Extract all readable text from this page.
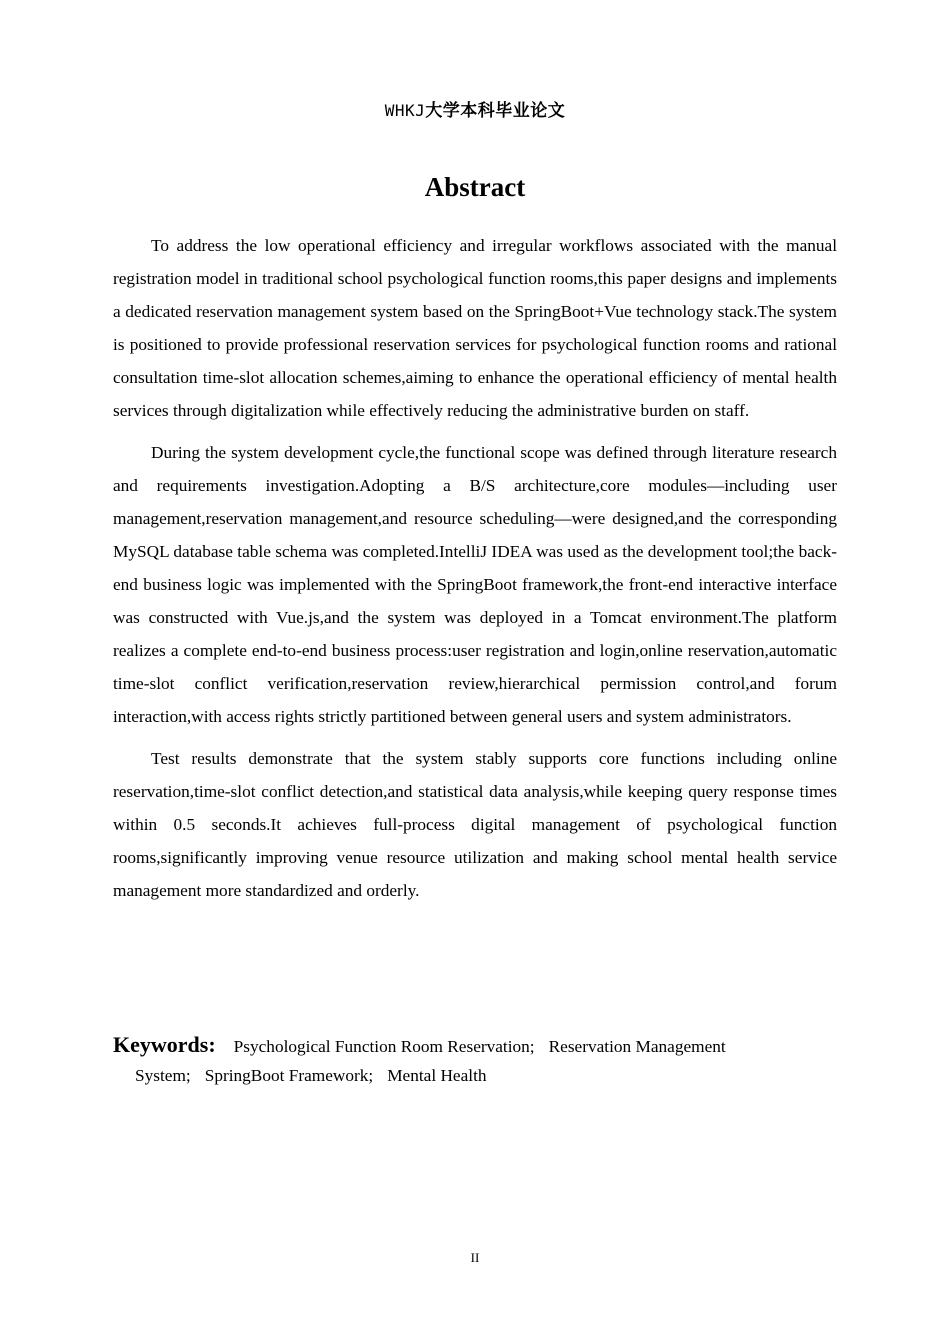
WHKJ大学本科毕业论文
Abstract

To address the low operational efficiency and irregular workflows associated with the manual registration model in traditional school psychological function rooms,this paper designs and implements a dedicated reservation management system based on the SpringBoot+Vue technology stack.The system is positioned to provide professional reservation services for psychological function rooms and rational consultation time-slot allocation schemes,aiming to enhance the operational efficiency of mental health services through digitalization while effectively reducing the administrative burden on staff.

During the system development cycle,the functional scope was defined through literature research and requirements investigation.Adopting a B/S architecture,core modules—including user management,reservation management,and resource scheduling—were designed,and the corresponding MySQL database table schema was completed.IntelliJ IDEA was used as the development tool;the back-end business logic was implemented with the SpringBoot framework,the front-end interactive interface was constructed with Vue.js,and the system was deployed in a Tomcat environment.The platform realizes a complete end-to-end business process:user registration and login,online reservation,automatic time-slot conflict verification,reservation review,hierarchical permission control,and forum interaction,with access rights strictly partitioned between general users and system administrators.

Test results demonstrate that the system stably supports core functions including online reservation,time-slot conflict detection,and statistical data analysis,while keeping query response times within 0.5 seconds.It achieves full-process digital management of psychological function rooms,significantly improving venue resource utilization and making school mental health service management more standardized and orderly.

Keywords: Psychological Function Room Reservation; Reservation Management
System; SpringBoot Framework; Mental Health
II
